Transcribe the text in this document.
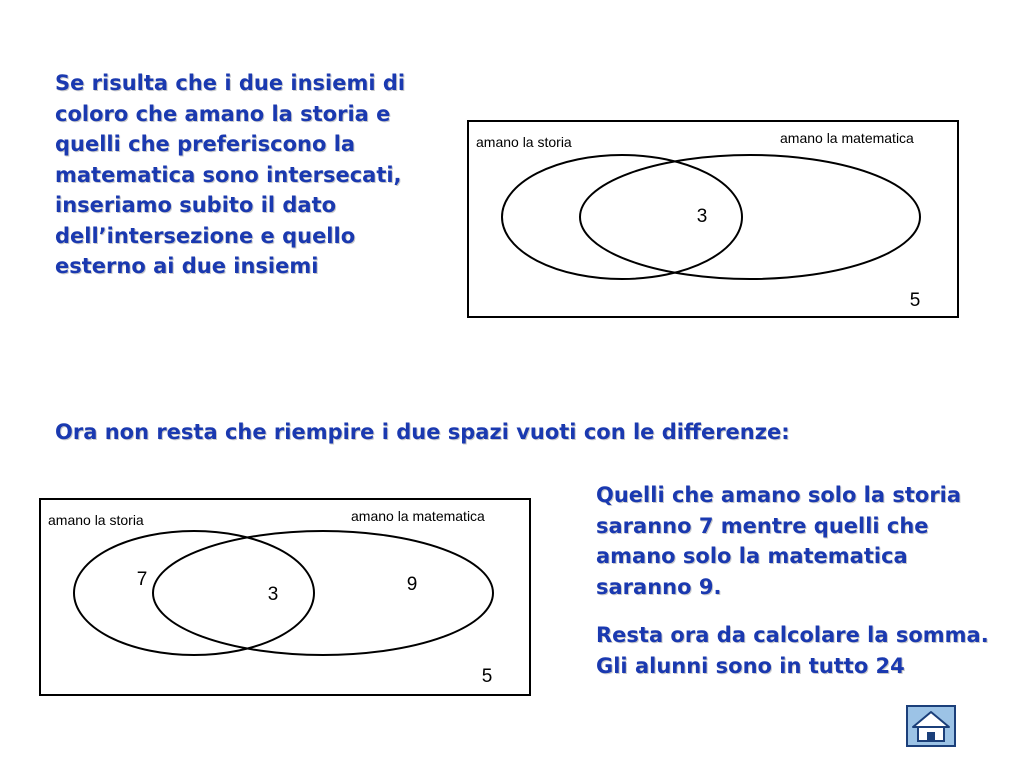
Se risulta che i due insiemi di coloro che amano la storia e quelli che preferiscono la matematica sono intersecati, inseriamo subito il dato dell’intersezione e quello esterno ai due insiemi

amano la storia	amano la matematica
3
5

Ora non resta che riempire i due spazi vuoti con le differenze:

amano la storia	amano la matematica
7
3	9
5

Quelli che amano solo la storia saranno 7 mentre quelli che amano solo la matematica saranno 9.

Resta ora da calcolare la somma. Gli alunni sono in tutto 24
